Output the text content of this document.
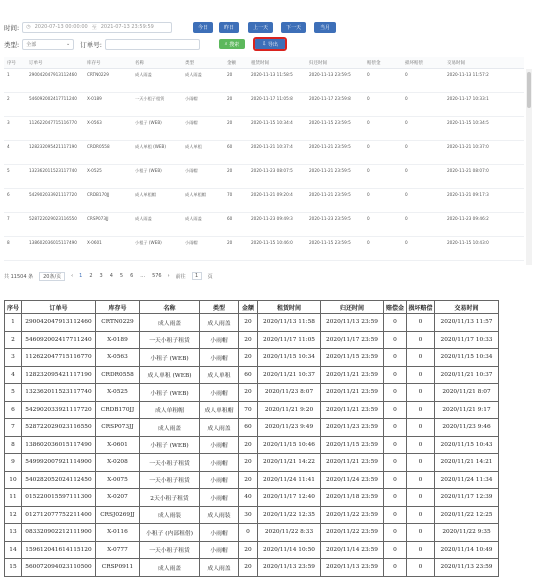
时间: ◷ 2020-07-13 00:00:00 至 2021-07-13 23:59:59	今日	昨日	上一天	下一天	当月
类型: 全部	⌄ 订单号:	⌕
搜索	⇩
导出
序号	订单号	库存号	名称	类型	金额	租赁时间	归还时间	赔偿金	损坏赔偿	交易时间
1	290042047913112460	CRTN0229	成人雨盖	成人雨盖	20	2020-11-13 11:58:5	2020-11-13 23:59:5	0	0	2020-11-13 11:57:2
2	546092002417711240	X-0189	一天小租子租赁	小雨帽	20	2020-11-17 11:05:8	2020-11-17 23:59:8	0	0	2020-11-17 10:33:1
3	112622047715116770	X-0563	小租子 (WEB)	小雨帽	20	2020-11-15 10:34:4	2020-11-15 23:59:5	0	0	2020-11-15 10:34:5
4	128232095421117190	CRDR0558	成人单租 (WEB)	成人单租	60	2020-11-21 10:37:4	2020-11-21 23:59:5	0	0	2020-11-21 10:37:0
5	132362011523117740	X-0525	小租子 (WEB)	小雨帽	20	2020-11-23 08:07:5	2020-11-21 23:59:5	0	0	2020-11-21 08:07:0
6	542902033921117720	CRDB170JJ	成人单租帽	成人单租帽	70	2020-11-21 09:20:4	2020-11-21 23:59:5	0	0	2020-11-21 09:17:3
7	528722029023116550	CRSP073JJ	成人雨盖	成人雨盖	60	2020-11-23 09:49:3	2020-11-23 23:59:5	0	0	2020-11-23 09:46:2
8	138602036015117490	X-0601	小租子 (WEB)	小雨帽	20	2020-11-15 10:46:0	2020-11-15 23:59:5	0	0	2020-11-15 10:43:0
共 11504 条	20条/页	‹ 1 2 3 4 5 6 ... 576 › 前往	1	页
序号	订单号	库存号	名称	类型	金额	租赁时间	归还时间	赔偿金	损坏赔偿	交易时间
1	290042047913112460	CRTN0229	成人雨盖	成人雨盖	20	2020/11/13 11:58	2020/11/13 23:59	0	0	2020/11/13 11:57
2	546092002417711240	X-0189	一天小租子租赁	小雨帽	20	2020/11/17 11:05	2020/11/17 23:59	0	0	2020/11/17 10:33
3	112622047715116770	X-0563	小租子 (WEB)	小雨帽	20	2020/11/15 10:34	2020/11/15 23:59	0	0	2020/11/15 10:34
4	128232095421117190	CRDR0558	成人单租 (WEB)	成人单租	60	2020/11/21 10:37	2020/11/21 23:59	0	0	2020/11/21 10:37
5	132362011523117740	X-0525	小租子 (WEB)	小雨帽	20	2020/11/23 8:07	2020/11/21 23:59	0	0	2020/11/21 8:07
6	542902033921117720	CRDB170JJ	成人单租帽	成人单租帽	70	2020/11/21 9:20	2020/11/21 23:59	0	0	2020/11/21 9:17
7	528722029023116550	CRSP073JJ	成人雨盖	成人雨盖	60	2020/11/23 9:49	2020/11/23 23:59	0	0	2020/11/23 9:46
8	138602036015117490	X-0601	小租子 (WEB)	小雨帽	20	2020/11/15 10:46	2020/11/15 23:59	0	0	2020/11/15 10:43
9	549992007921114900	X-0208	一天小租子租赁	小雨帽	20	2020/11/21 14:22	2020/11/21 23:59	0	0	2020/11/21 14:21
10	540282052024112450	X-0075	一天小租子租赁	小雨帽	20	2020/11/24 11:41	2020/11/24 23:59	0	0	2020/11/24 11:34
11	015220015597111300	X-0207	2天小租子租赁	小雨帽	40	2020/11/17 12:40	2020/11/18 23:59	0	0	2020/11/17 12:39
12	012712077752211400	CRSJ0269JJ	成人雨装	成人雨装	30	2020/11/22 12:35	2020/11/22 23:59	0	0	2020/11/22 12:25
13	083320902212111900	X-0116	小租子 (内部租借)	小雨帽	0	2020/11/22 8:33	2020/11/22 23:59	0	0	2020/11/22 9:35
14	159612041614115120	X-0777	一天小租子租赁	小雨帽	20	2020/11/14 10:50	2020/11/14 23:59	0	0	2020/11/14 10:49
15	560072094023110500	CRSP0911	成人雨盖	成人雨盖	20	2020/11/13 23:59	2020/11/13 23:59	0	0	2020/11/13 23:59
